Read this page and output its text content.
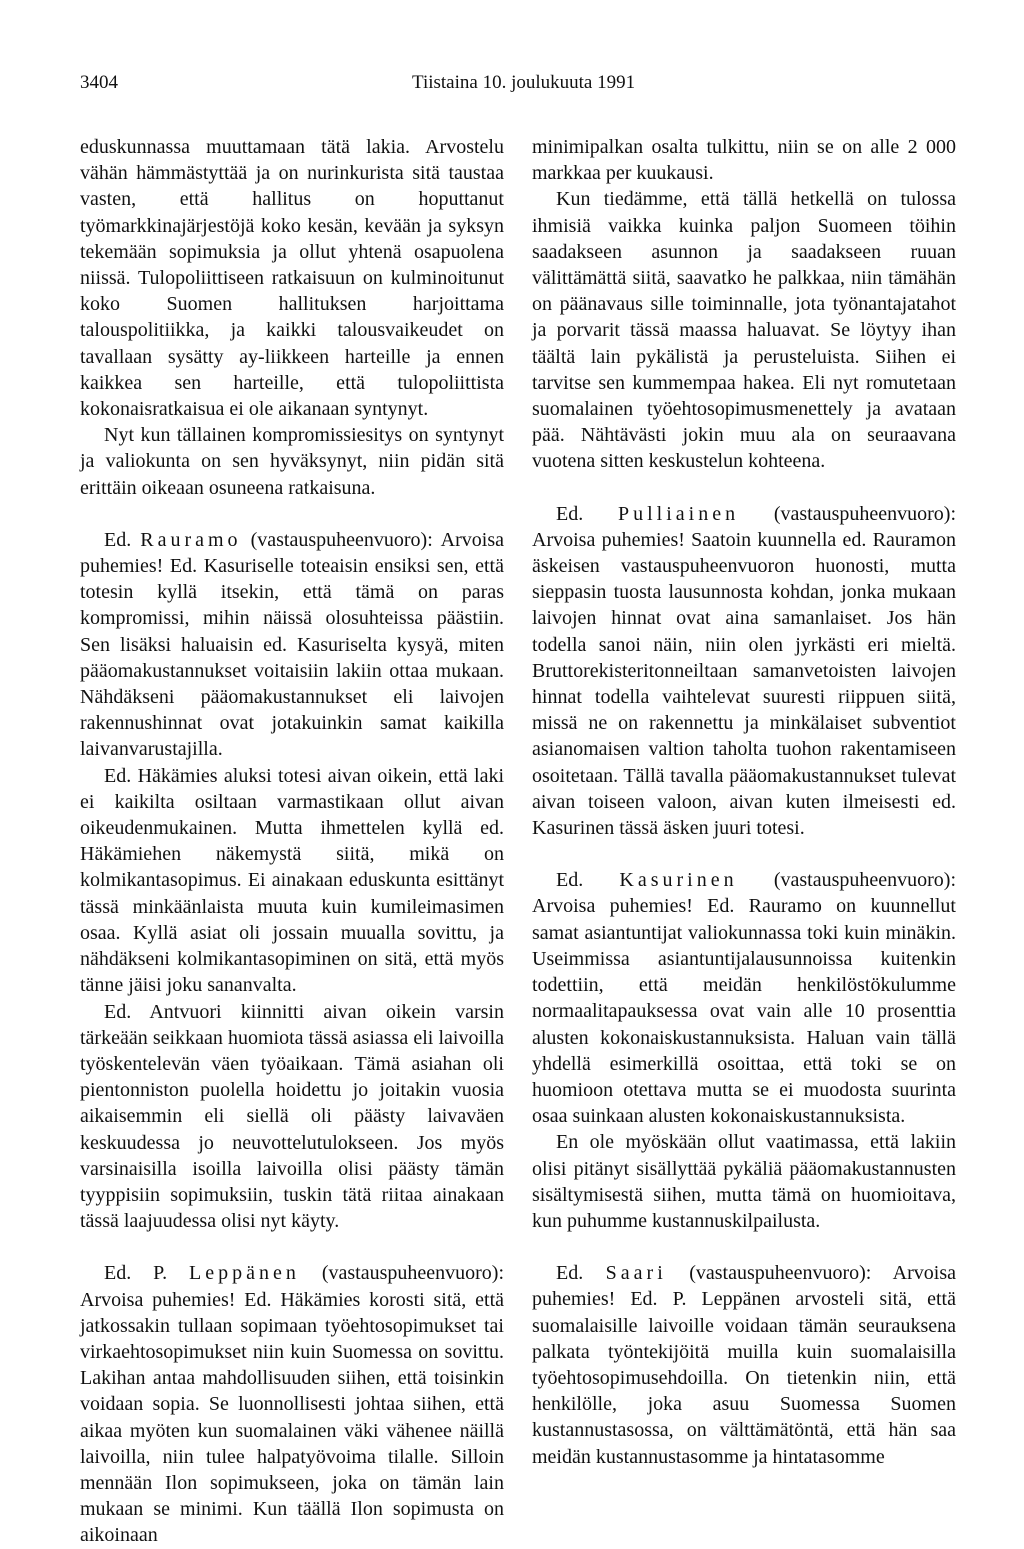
3404	Tiistaina 10. joulukuuta 1991

eduskunnassa muuttamaan tätä lakia. Arvostelu vähän hämmästyttää ja on nurinkurista sitä taustaa vasten, että hallitus on hoputtanut työmarkkinajärjestöjä koko kesän, kevään ja syksyn tekemään sopimuksia ja ollut yhtenä osapuolena niissä. Tulopoliittiseen ratkaisuun on kulminoitunut koko Suomen hallituksen harjoittama talouspolitiikka, ja kaikki talousvaikeudet on tavallaan sysätty ay-liikkeen harteille ja ennen kaikkea sen harteille, että tulopoliittista kokonaisratkaisua ei ole aikanaan syntynyt.

Nyt kun tällainen kompromissiesitys on syntynyt ja valiokunta on sen hyväksynyt, niin pidän sitä erittäin oikeaan osuneena ratkaisuna.

Ed. Rauramo (vastauspuheenvuoro): Arvoisa puhemies! Ed. Kasuriselle toteaisin ensiksi sen, että totesin kyllä itsekin, että tämä on paras kompromissi, mihin näissä olosuhteissa päästiin. Sen lisäksi haluaisin ed. Kasuriselta kysyä, miten pääomakustannukset voitaisiin lakiin ottaa mukaan. Nähdäkseni pääomakustannukset eli laivojen rakennushinnat ovat jotakuinkin samat kaikilla laivanvarustajilla.

Ed. Häkämies aluksi totesi aivan oikein, että laki ei kaikilta osiltaan varmastikaan ollut aivan oikeudenmukainen. Mutta ihmettelen kyllä ed. Häkämiehen näkemystä siitä, mikä on kolmikantasopimus. Ei ainakaan eduskunta esittänyt tässä minkäänlaista muuta kuin kumileimasimen osaa. Kyllä asiat oli jossain muualla sovittu, ja nähdäkseni kolmikantasopiminen on sitä, että myös tänne jäisi joku sananvalta.

Ed. Antvuori kiinnitti aivan oikein varsin tärkeään seikkaan huomiota tässä asiassa eli laivoilla työskentelevän väen työaikaan. Tämä asiahan oli pientonniston puolella hoidettu jo joitakin vuosia aikaisemmin eli siellä oli päästy laivaväen keskuudessa jo neuvottelutulokseen. Jos myös varsinaisilla isoilla laivoilla olisi päästy tämän tyyppisiin sopimuksiin, tuskin tätä riitaa ainakaan tässä laajuudessa olisi nyt käyty.

Ed. P. Leppänen (vastauspuheenvuoro): Arvoisa puhemies! Ed. Häkämies korosti sitä, että jatkossakin tullaan sopimaan työehtosopimukset tai virkaehtosopimukset niin kuin Suomessa on sovittu. Lakihan antaa mahdollisuuden siihen, että toisinkin voidaan sopia. Se luonnollisesti johtaa siihen, että aikaa myöten kun suomalainen väki vähenee näillä laivoilla, niin tulee halpatyövoima tilalle. Silloin mennään Ilon sopimukseen, joka on tämän lain mukaan se minimi. Kun täällä Ilon sopimusta on aikoinaan

minimipalkan osalta tulkittu, niin se on alle 2 000 markkaa per kuukausi.

Kun tiedämme, että tällä hetkellä on tulossa ihmisiä vaikka kuinka paljon Suomeen töihin saadakseen asunnon ja saadakseen ruuan välittämättä siitä, saavatko he palkkaa, niin tämähän on päänavaus sille toiminnalle, jota työnantajatahot ja porvarit tässä maassa haluavat. Se löytyy ihan täältä lain pykälistä ja perusteluista. Siihen ei tarvitse sen kummempaa hakea. Eli nyt romutetaan suomalainen työehtosopimusmenettely ja avataan pää. Nähtävästi jokin muu ala on seuraavana vuotena sitten keskustelun kohteena.

Ed. Pulliainen (vastauspuheenvuoro): Arvoisa puhemies! Saatoin kuunnella ed. Rauramon äskeisen vastauspuheenvuoron huonosti, mutta sieppasin tuosta lausunnosta kohdan, jonka mukaan laivojen hinnat ovat aina samanlaiset. Jos hän todella sanoi näin, niin olen jyrkästi eri mieltä. Bruttorekisteritonneiltaan samanvetoisten laivojen hinnat todella vaihtelevat suuresti riippuen siitä, missä ne on rakennettu ja minkälaiset subventiot asianomaisen valtion taholta tuohon rakentamiseen osoitetaan. Tällä tavalla pääomakustannukset tulevat aivan toiseen valoon, aivan kuten ilmeisesti ed. Kasurinen tässä äsken juuri totesi.

Ed. Kasurinen (vastauspuheenvuoro): Arvoisa puhemies! Ed. Rauramo on kuunnellut samat asiantuntijat valiokunnassa toki kuin minäkin. Useimmissa asiantuntijalausunnoissa kuitenkin todettiin, että meidän henkilöstökulumme normaalitapauksessa ovat vain alle 10 prosenttia alusten kokonaiskustannuksista. Haluan vain tällä yhdellä esimerkillä osoittaa, että toki se on huomioon otettava mutta se ei muodosta suurinta osaa suinkaan alusten kokonaiskustannuksista.

En ole myöskään ollut vaatimassa, että lakiin olisi pitänyt sisällyttää pykäliä pääomakustannusten sisältymisestä siihen, mutta tämä on huomioitava, kun puhumme kustannuskilpailusta.

Ed. Saari (vastauspuheenvuoro): Arvoisa puhemies! Ed. P. Leppänen arvosteli sitä, että suomalaisille laivoille voidaan tämän seurauksena palkata työntekijöitä muilla kuin suomalaisilla työehtosopimusehdoilla. On tietenkin niin, että henkilölle, joka asuu Suomessa Suomen kustannustasossa, on välttämätöntä, että hän saa meidän kustannustasomme ja hintatasomme
